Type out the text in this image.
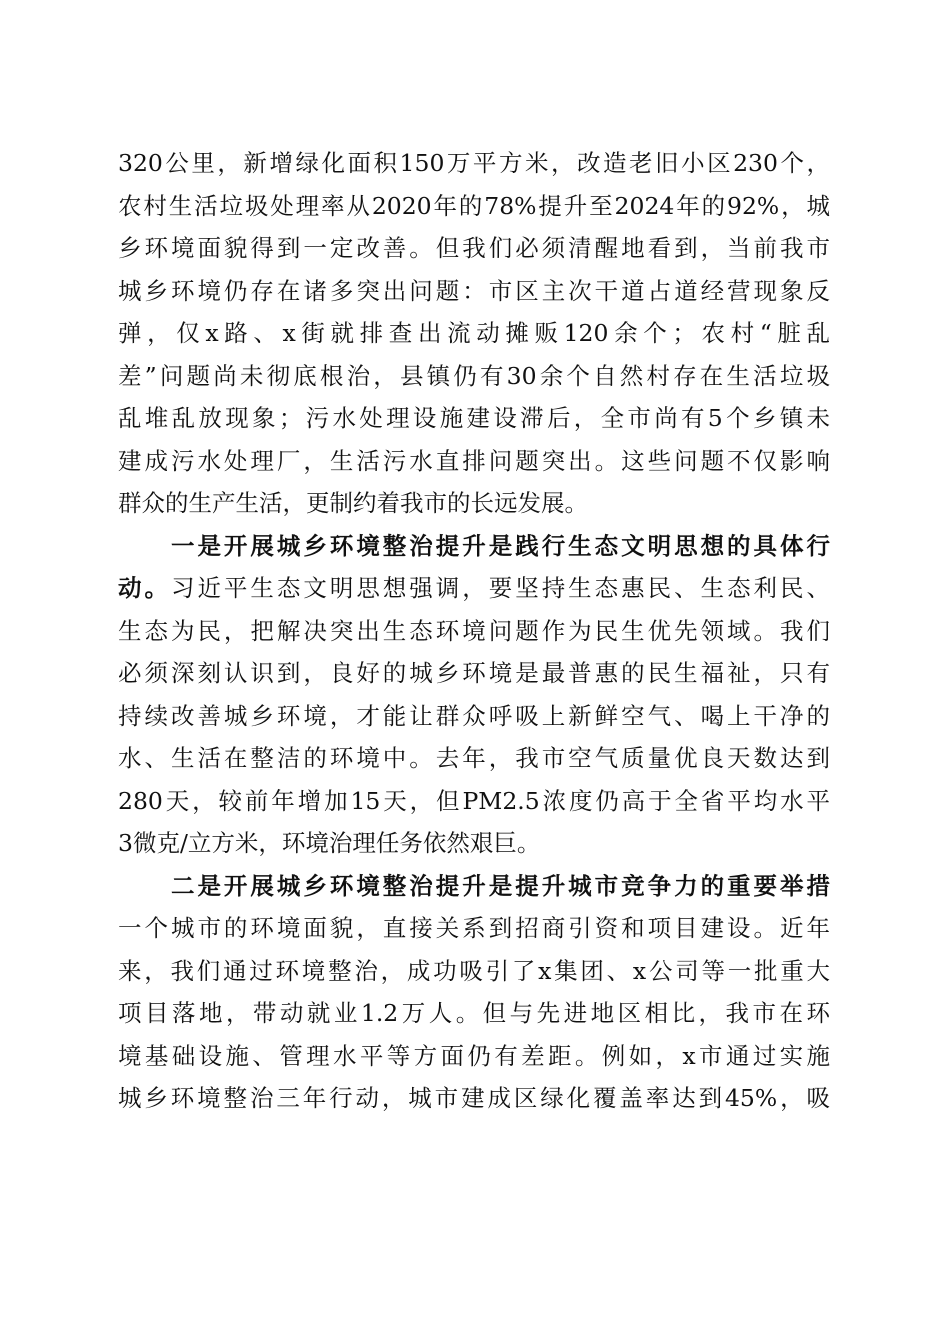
320公里，新增绿化面积150万平方米，改造老旧小区230个，
农村生活垃圾处理率从2020年的78%提升至2024年的92%，城
乡环境面貌得到一定改善。但我们必须清醒地看到，当前我市
城乡环境仍存在诸多突出问题：市区主次干道占道经营现象反
弹，仅x路、x街就排查出流动摊贩120余个；农村“脏乱
差”问题尚未彻底根治，县镇仍有30余个自然村存在生活垃圾
乱堆乱放现象；污水处理设施建设滞后，全市尚有5个乡镇未
建成污水处理厂，生活污水直排问题突出。这些问题不仅影响
群众的生产生活，更制约着我市的长远发展。
　　一是开展城乡环境整治提升是践行生态文明思想的具体行
动。习近平生态文明思想强调，要坚持生态惠民、生态利民、
生态为民，把解决突出生态环境问题作为民生优先领域。我们
必须深刻认识到，良好的城乡环境是最普惠的民生福祉，只有
持续改善城乡环境，才能让群众呼吸上新鲜空气、喝上干净的
水、生活在整洁的环境中。去年，我市空气质量优良天数达到
280天，较前年增加15天，但PM2.5浓度仍高于全省平均水平
3微克/立方米，环境治理任务依然艰巨。
　　二是开展城乡环境整治提升是提升城市竞争力的重要举措
一个城市的环境面貌，直接关系到招商引资和项目建设。近年
来，我们通过环境整治，成功吸引了x集团、x公司等一批重大
项目落地，带动就业1.2万人。但与先进地区相比，我市在环
境基础设施、管理水平等方面仍有差距。例如，x市通过实施
城乡环境整治三年行动，城市建成区绿化覆盖率达到45%，吸
